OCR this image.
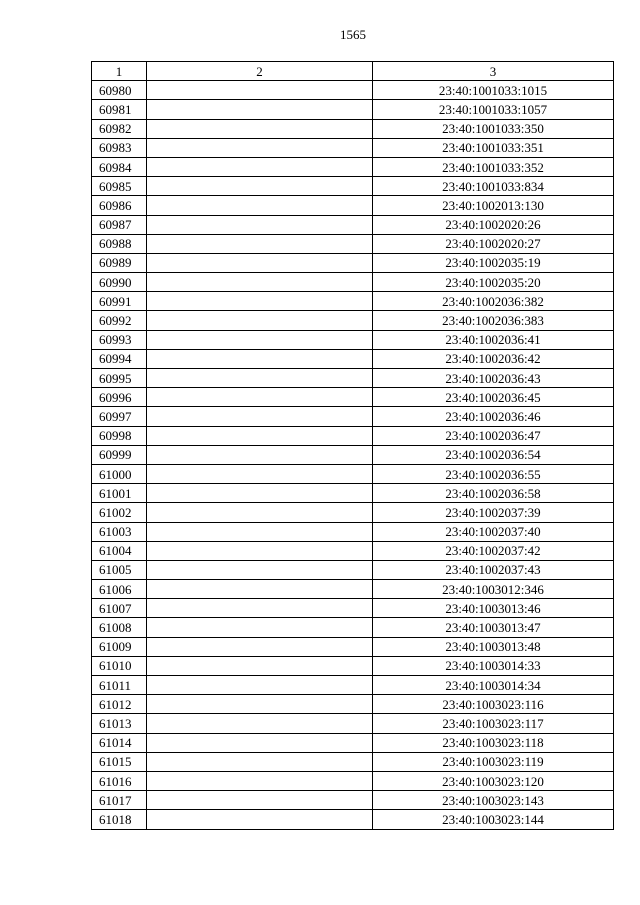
1565
1	2	3
60980		23:40:1001033:1015
60981		23:40:1001033:1057
60982		23:40:1001033:350
60983		23:40:1001033:351
60984		23:40:1001033:352
60985		23:40:1001033:834
60986		23:40:1002013:130
60987		23:40:1002020:26
60988		23:40:1002020:27
60989		23:40:1002035:19
60990		23:40:1002035:20
60991		23:40:1002036:382
60992		23:40:1002036:383
60993		23:40:1002036:41
60994		23:40:1002036:42
60995		23:40:1002036:43
60996		23:40:1002036:45
60997		23:40:1002036:46
60998		23:40:1002036:47
60999		23:40:1002036:54
61000		23:40:1002036:55
61001		23:40:1002036:58
61002		23:40:1002037:39
61003		23:40:1002037:40
61004		23:40:1002037:42
61005		23:40:1002037:43
61006		23:40:1003012:346
61007		23:40:1003013:46
61008		23:40:1003013:47
61009		23:40:1003013:48
61010		23:40:1003014:33
61011		23:40:1003014:34
61012		23:40:1003023:116
61013		23:40:1003023:117
61014		23:40:1003023:118
61015		23:40:1003023:119
61016		23:40:1003023:120
61017		23:40:1003023:143
61018		23:40:1003023:144
